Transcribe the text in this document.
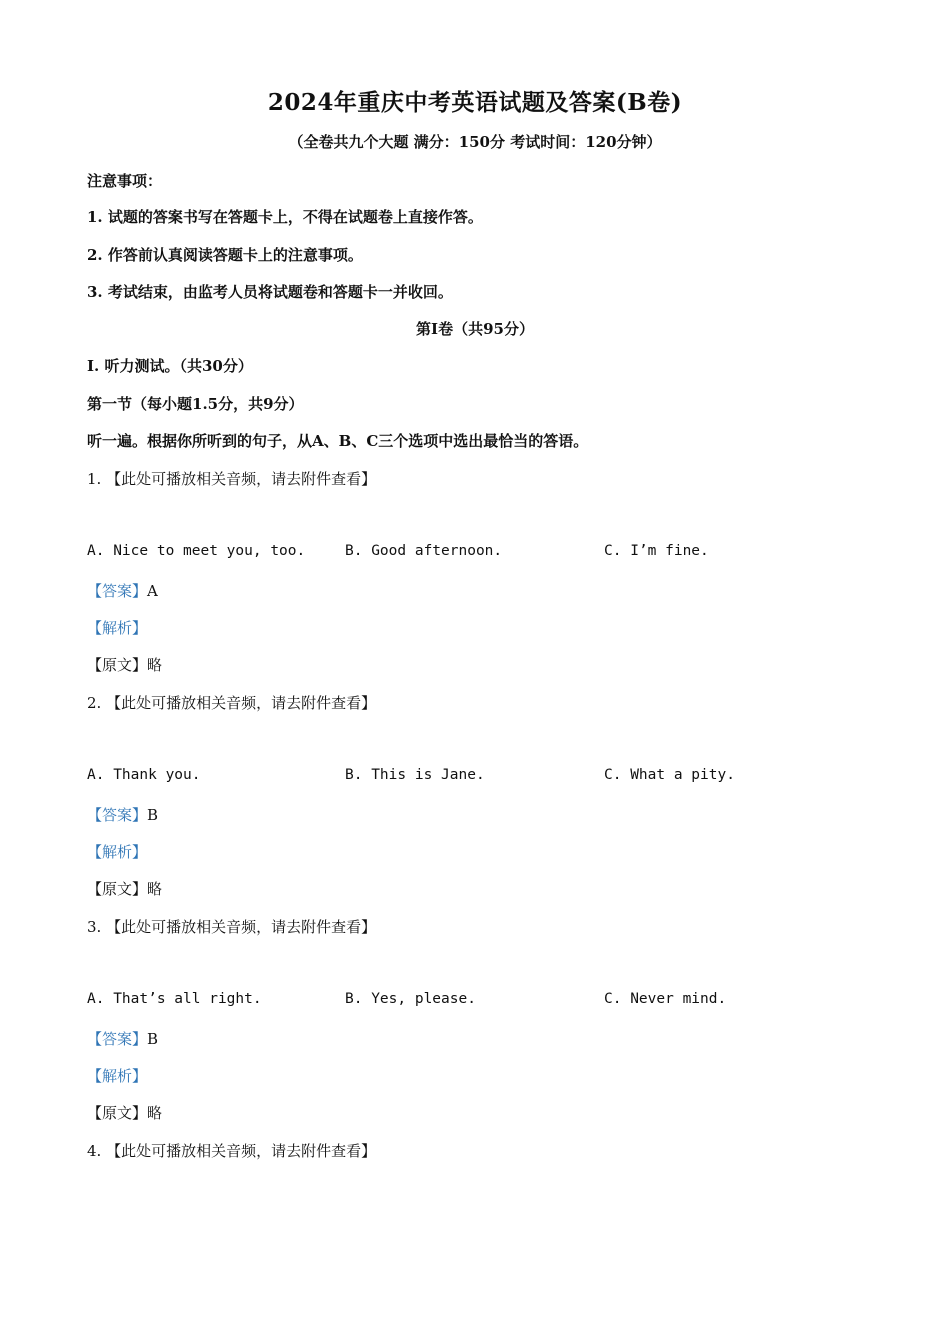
2024年重庆中考英语试题及答案(B卷)
（全卷共九个大题 满分：150分 考试时间：120分钟）
注意事项：
1. 试题的答案书写在答题卡上，不得在试题卷上直接作答。
2. 作答前认真阅读答题卡上的注意事项。
3. 考试结束，由监考人员将试题卷和答题卡一并收回。
第Ⅰ卷（共95分）
Ⅰ. 听力测试。（共30分）
第一节（每小题1.5分，共9分）
听一遍。根据你所听到的句子，从A、B、C三个选项中选出最恰当的答语。
1. 【此处可播放相关音频，请去附件查看】
A. Nice to meet you, too.	B. Good afternoon.	C. I’m fine.
【答案】A
【解析】
【原文】略
2. 【此处可播放相关音频，请去附件查看】
A. Thank you.	B. This is Jane.	C. What a pity.
【答案】B
【解析】
【原文】略
3. 【此处可播放相关音频，请去附件查看】
A. That’s all right.	B. Yes, please.	C. Never mind.
【答案】B
【解析】
【原文】略
4. 【此处可播放相关音频，请去附件查看】
